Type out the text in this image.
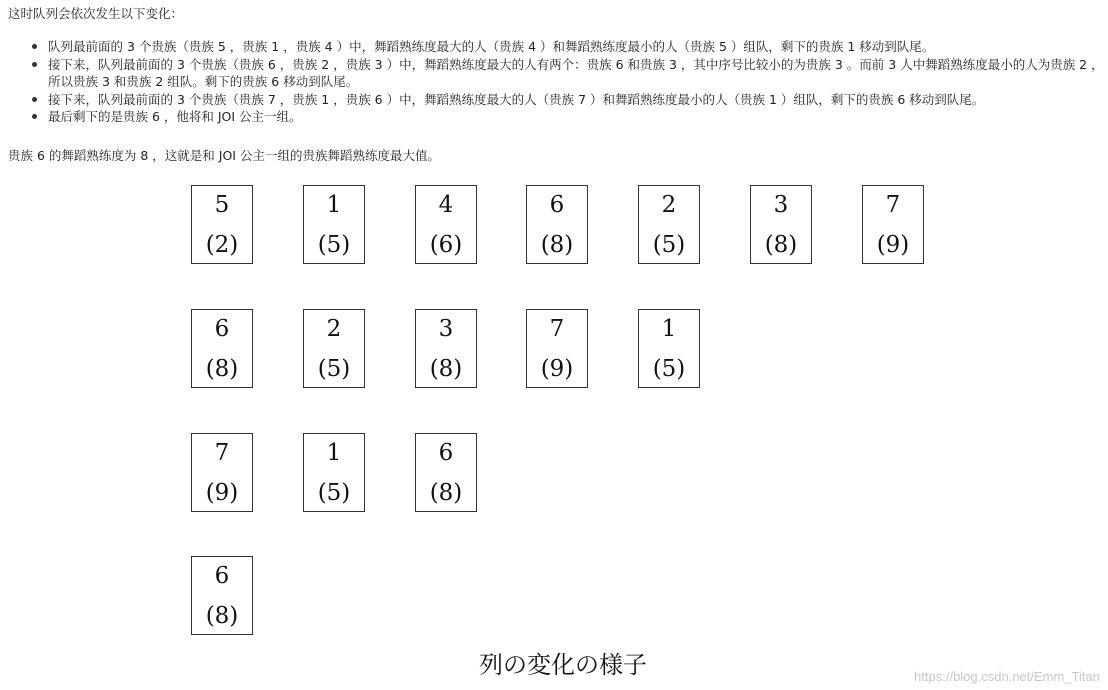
这时队列会依次发生以下变化：
队列最前面的 3 个贵族（贵族 5 ，贵族 1 ，贵族 4 ）中，舞蹈熟练度最大的人（贵族 4 ）和舞蹈熟练度最小的人（贵族 5 ）组队，剩下的贵族 1 移动到队尾。
接下来，队列最前面的 3 个贵族（贵族 6 ，贵族 2 ，贵族 3 ）中，舞蹈熟练度最大的人有两个：贵族 6 和贵族 3 ，其中序号比较小的为贵族 3 。而前 3 人中舞蹈熟练度最小的人为贵族 2 ，所以贵族 3 和贵族 2 组队。剩下的贵族 6 移动到队尾。
接下来，队列最前面的 3 个贵族（贵族 7 ，贵族 1 ，贵族 6 ）中，舞蹈熟练度最大的人（贵族 7 ）和舞蹈熟练度最小的人（贵族 1 ）组队，剩下的贵族 6 移动到队尾。
最后剩下的是贵族 6 ，他将和 JOI 公主一组。
贵族 6 的舞蹈熟练度为 8 ，这就是和 JOI 公主一组的贵族舞蹈熟练度最大值。
5
(2)
1
(5)
4
(6)
6
(8)
2
(5)
3
(8)
7
(9)
6
(8)
2
(5)
3
(8)
7
(9)
1
(5)
7
(9)
1
(5)
6
(8)
6
(8)
列の変化の様子	https://blog.csdn.net/Emm_Titan
